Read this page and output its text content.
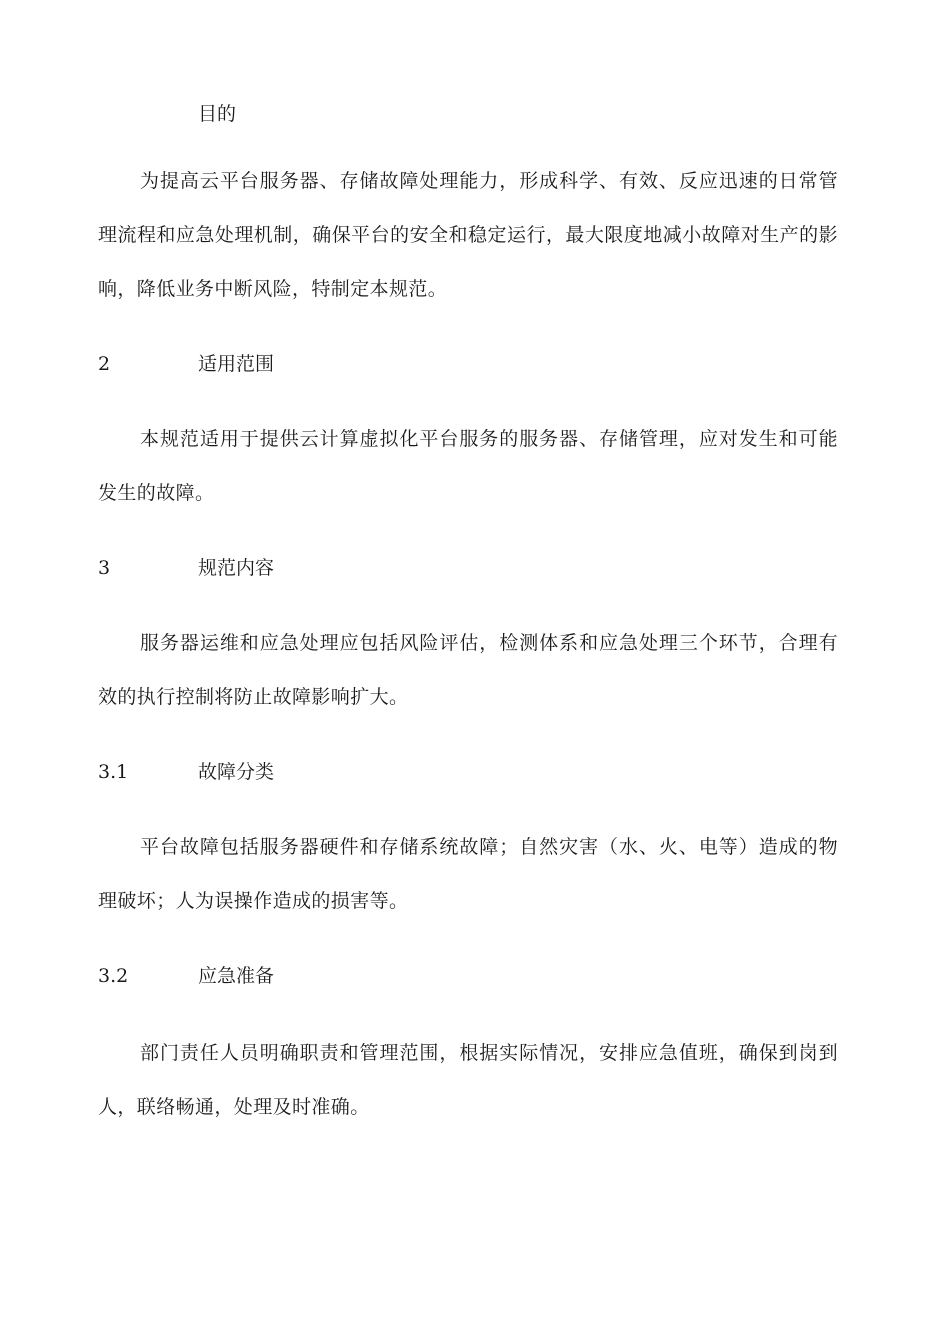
目的

为提高云平台服务器、存储故障处理能力，形成科学、有效、反应迅速的日常管理流程和应急处理机制，确保平台的安全和稳定运行，最大限度地减小故障对生产的影响，降低业务中断风险，特制定本规范。

2	适用范围

本规范适用于提供云计算虚拟化平台服务的服务器、存储管理，应对发生和可能发生的故障。

3	规范内容

服务器运维和应急处理应包括风险评估，检测体系和应急处理三个环节，合理有效的执行控制将防止故障影响扩大。

3.1	故障分类

平台故障包括服务器硬件和存储系统故障；自然灾害（水、火、电等）造成的物理破坏；人为误操作造成的损害等。

3.2	应急准备

部门责任人员明确职责和管理范围，根据实际情况，安排应急值班，确保到岗到人，联络畅通，处理及时准确。
